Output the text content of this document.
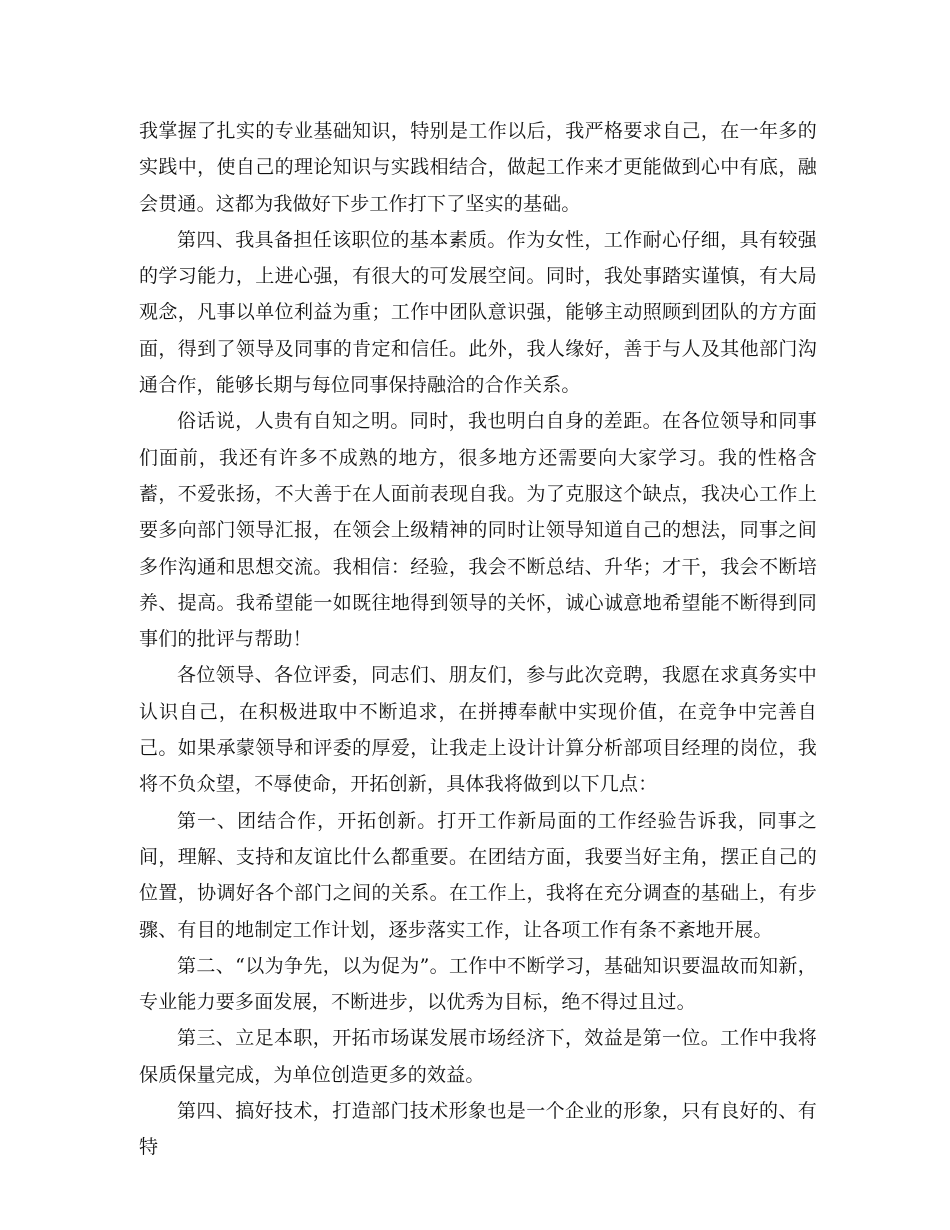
我掌握了扎实的专业基础知识，特别是工作以后，我严格要求自己，在一年多的实践中，使自己的理论知识与实践相结合，做起工作来才更能做到心中有底，融会贯通。这都为我做好下步工作打下了坚实的基础。

第四、我具备担任该职位的基本素质。作为女性，工作耐心仔细，具有较强的学习能力，上进心强，有很大的可发展空间。同时，我处事踏实谨慎，有大局观念，凡事以单位利益为重；工作中团队意识强，能够主动照顾到团队的方方面面，得到了领导及同事的肯定和信任。此外，我人缘好，善于与人及其他部门沟通合作，能够长期与每位同事保持融洽的合作关系。

俗话说，人贵有自知之明。同时，我也明白自身的差距。在各位领导和同事们面前，我还有许多不成熟的地方，很多地方还需要向大家学习。我的性格含蓄，不爱张扬，不大善于在人面前表现自我。为了克服这个缺点，我决心工作上要多向部门领导汇报，在领会上级精神的同时让领导知道自己的想法，同事之间多作沟通和思想交流。我相信：经验，我会不断总结、升华；才干，我会不断培养、提高。我希望能一如既往地得到领导的关怀，诚心诚意地希望能不断得到同事们的批评与帮助！

各位领导、各位评委，同志们、朋友们，参与此次竞聘，我愿在求真务实中认识自己，在积极进取中不断追求，在拼搏奉献中实现价值，在竞争中完善自己。如果承蒙领导和评委的厚爱，让我走上设计计算分析部项目经理的岗位，我将不负众望，不辱使命，开拓创新，具体我将做到以下几点：

第一、团结合作，开拓创新。打开工作新局面的工作经验告诉我，同事之间，理解、支持和友谊比什么都重要。在团结方面，我要当好主角，摆正自己的位置，协调好各个部门之间的关系。在工作上，我将在充分调查的基础上，有步骤、有目的地制定工作计划，逐步落实工作，让各项工作有条不紊地开展。

第二、“以为争先，以为促为”。工作中不断学习，基础知识要温故而知新，专业能力要多面发展，不断进步，以优秀为目标，绝不得过且过。

第三、立足本职，开拓市场谋发展市场经济下，效益是第一位。工作中我将保质保量完成，为单位创造更多的效益。

第四、搞好技术，打造部门技术形象也是一个企业的形象，只有良好的、有特
